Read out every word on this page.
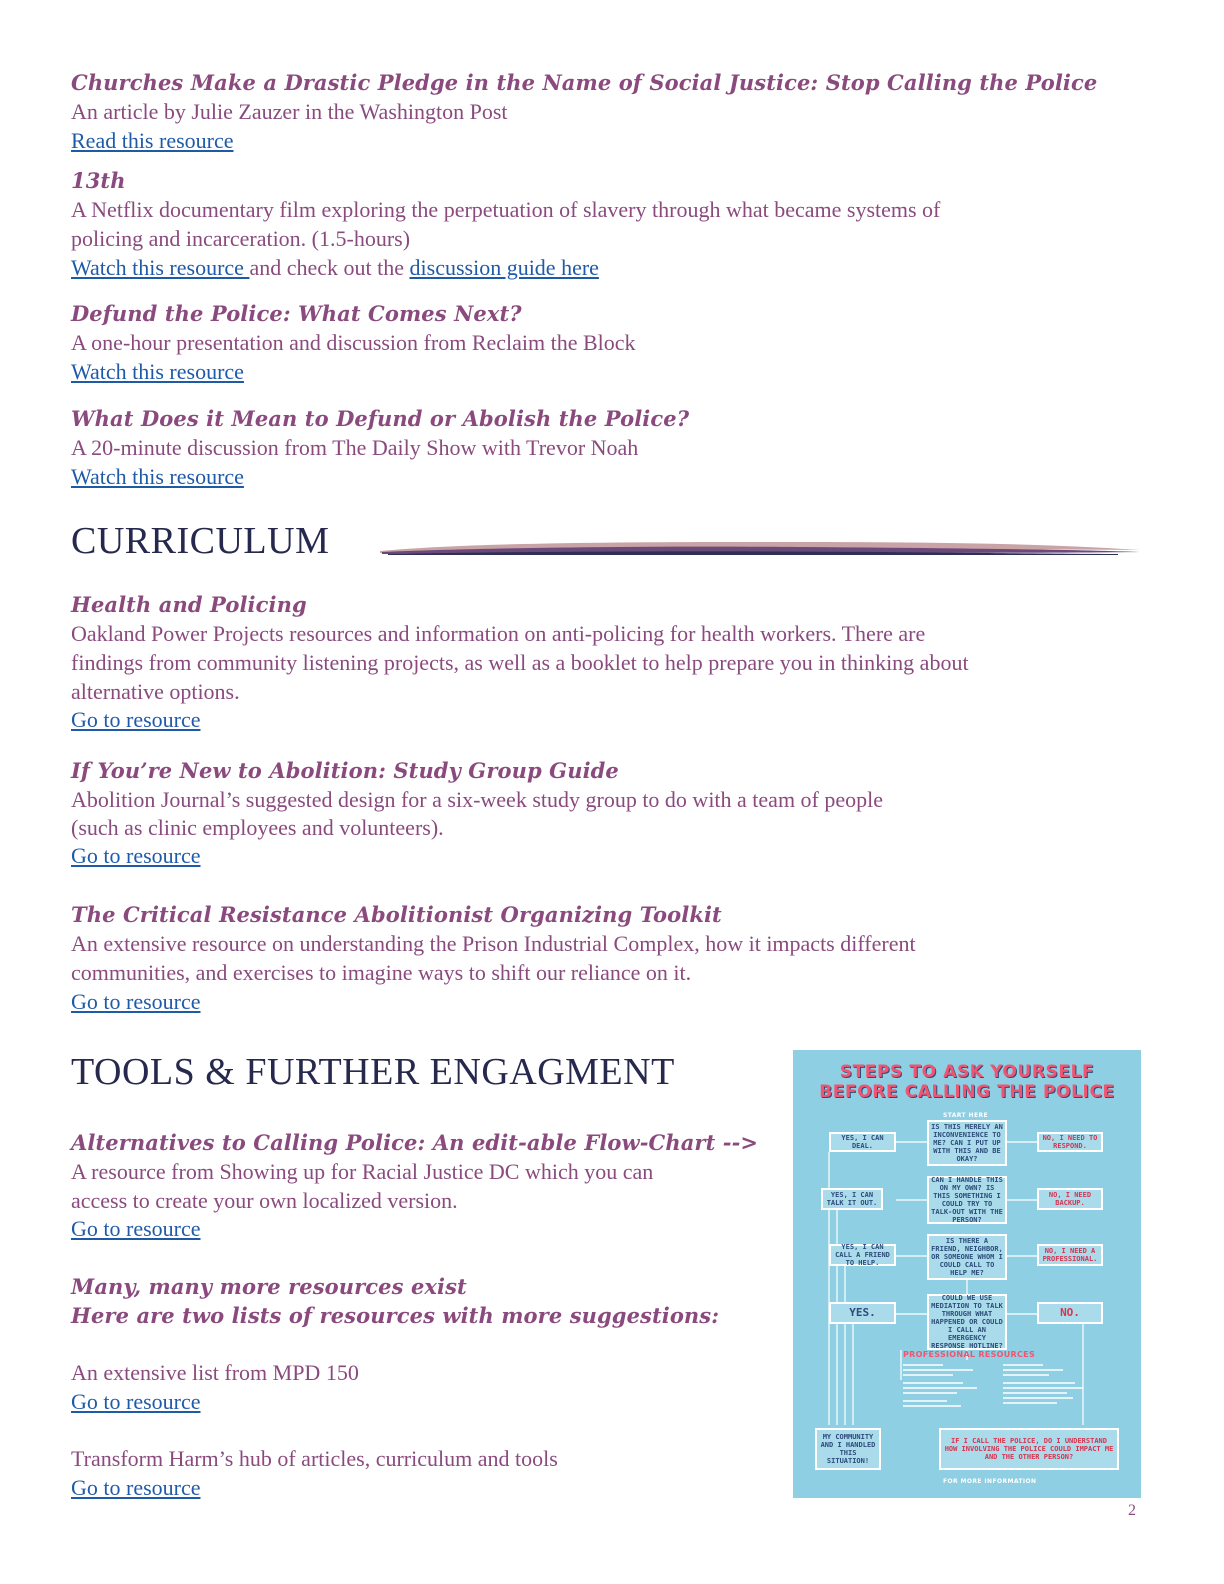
Churches Make a Drastic Pledge in the Name of Social Justice: Stop Calling the Police
An article by Julie Zauzer in the Washington Post
Read this resource
13th
A Netflix documentary film exploring the perpetuation of slavery through what became systems of
policing and incarceration. (1.5-hours)
Watch this resource and check out the discussion guide here
Defund the Police: What Comes Next?
A one-hour presentation and discussion from Reclaim the Block
Watch this resource
What Does it Mean to Defund or Abolish the Police?
A 20-minute discussion from The Daily Show with Trevor Noah
Watch this resource
CURRICULUM
Health and Policing
Oakland Power Projects resources and information on anti-policing for health workers. There are
findings from community listening projects, as well as a booklet to help prepare you in thinking about
alternative options.
Go to resource
If You’re New to Abolition: Study Group Guide
Abolition Journal’s suggested design for a six-week study group to do with a team of people
(such as clinic employees and volunteers).
Go to resource
The Critical Resistance Abolitionist Organizing Toolkit
An extensive resource on understanding the Prison Industrial Complex, how it impacts different
communities, and exercises to imagine ways to shift our reliance on it.
Go to resource
TOOLS & FURTHER ENGAGMENT
Alternatives to Calling Police: An edit-able Flow-Chart -->
A resource from Showing up for Racial Justice DC which you can
access to create your own localized version.
Go to resource
Many, many more resources exist
Here are two lists of resources with more suggestions:
An extensive list from MPD 150
Go to resource
Transform Harm’s hub of articles, curriculum and tools
Go to resource
STEPS TO ASK YOURSELF
BEFORE CALLING THE POLICE
START HERE
IS THIS MERELY AN INCONVENIENCE TO ME? CAN I PUT UP WITH THIS AND BE OKAY?
CAN I HANDLE THIS ON MY OWN? IS THIS SOMETHING I COULD TRY TO TALK-OUT WITH THE PERSON?
IS THERE A FRIEND, NEIGHBOR, OR SOMEONE WHOM I COULD CALL TO HELP ME?
COULD WE USE MEDIATION TO TALK THROUGH WHAT HAPPENED OR COULD I CALL AN EMERGENCY RESPONSE HOTLINE?
YES, I CAN DEAL.
YES, I CAN TALK IT OUT.
YES, I CAN CALL A FRIEND TO HELP.
YES.
NO, I NEED TO RESPOND.
NO, I NEED BACKUP.
NO, I NEED A PROFESSIONAL.
NO.
PROFESSIONAL RESOURCES
MY COMMUNITY AND I HANDLED THIS SITUATION!
IF I CALL THE POLICE, DO I UNDERSTAND HOW INVOLVING THE POLICE COULD IMPACT ME AND THE OTHER PERSON?
FOR MORE INFORMATION
2
